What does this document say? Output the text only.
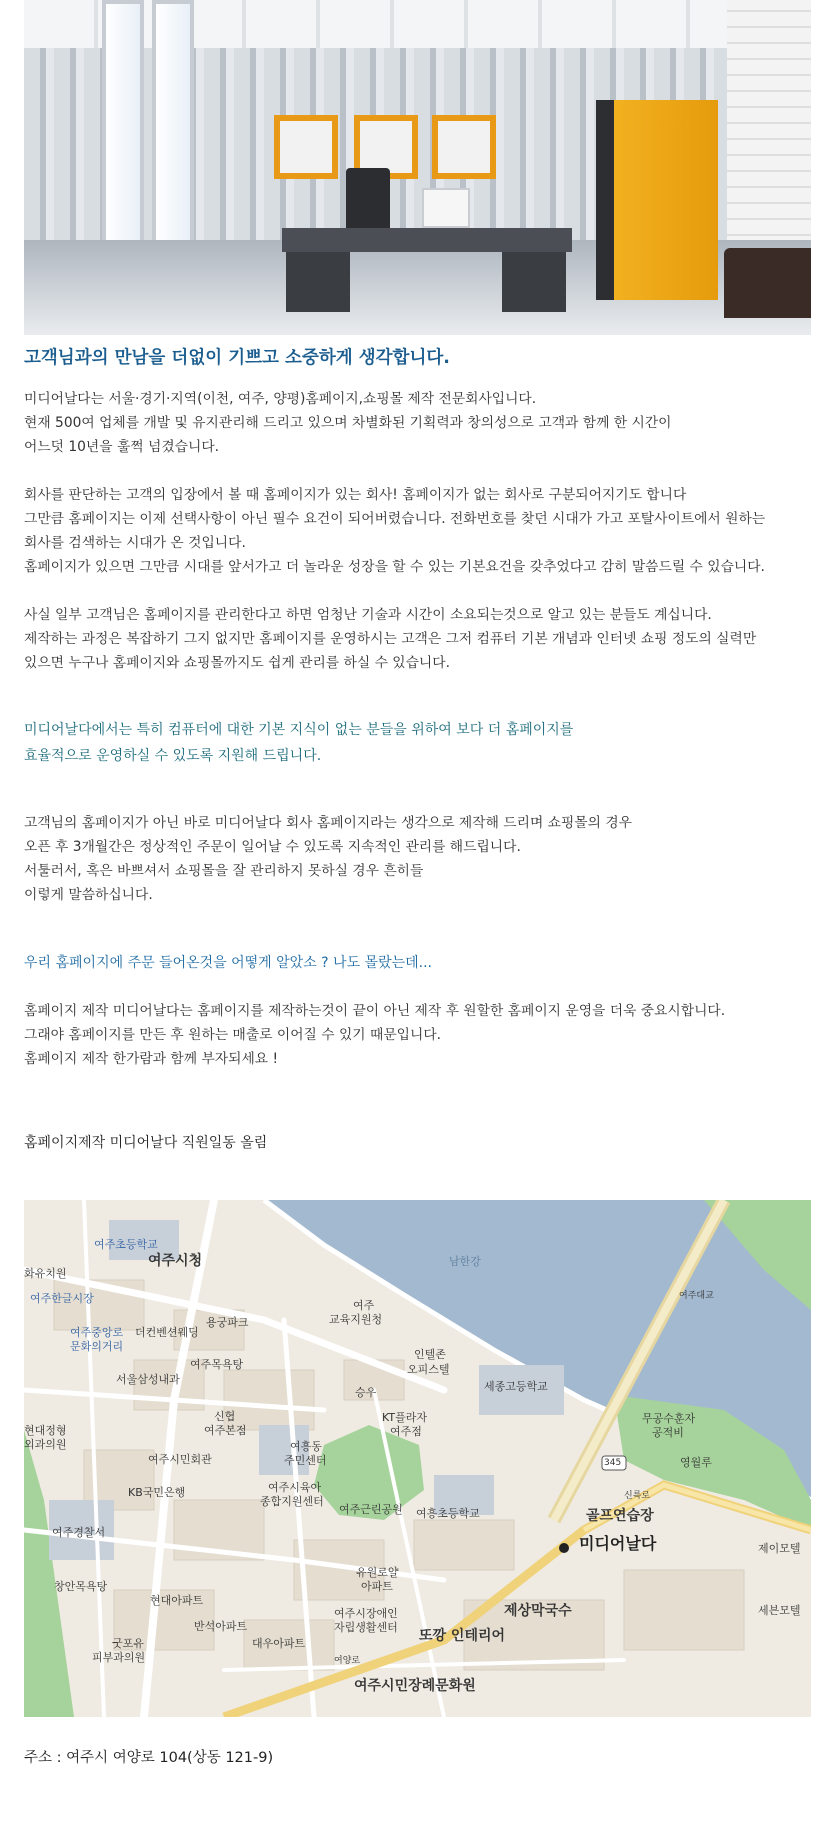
고객님과의 만남을 더없이 기쁘고 소중하게 생각합니다.

미디어날다는 서울·경기·지역(이천, 여주, 양평)홈페이지,쇼핑몰 제작 전문회사입니다.

현재 500여 업체를 개발 및 유지관리해 드리고 있으며 차별화된 기획력과 창의성으로 고객과 함께 한 시간이

어느덧 10년을 훌쩍 넘겼습니다.

회사를 판단하는 고객의 입장에서 볼 때 홈페이지가 있는 회사! 홈페이지가 없는 회사로 구분되어지기도 합니다

그만큼 홈페이지는 이제 선택사항이 아닌 필수 요건이 되어버렸습니다. 전화번호를 찾던 시대가 가고 포탈사이트에서 원하는

회사를 검색하는 시대가 온 것입니다.

홈페이지가 있으면 그만큼 시대를 앞서가고 더 놀라운 성장을 할 수 있는 기본요건을 갖추었다고 감히 말씀드릴 수 있습니다.

사실 일부 고객님은 홈페이지를 관리한다고 하면 엄청난 기술과 시간이 소요되는것으로 알고 있는 분들도 계십니다.

제작하는 과정은 복잡하기 그지 없지만 홈페이지를 운영하시는 고객은 그저 컴퓨터 기본 개념과 인터넷 쇼핑 정도의 실력만

있으면 누구나 홈페이지와 쇼핑몰까지도 쉽게 관리를 하실 수 있습니다.

미디어날다에서는 특히 컴퓨터에 대한 기본 지식이 없는 분들을 위하여 보다 더 홈페이지를

효율적으로 운영하실 수 있도록 지원해 드립니다.

고객님의 홈페이지가 아닌 바로 미디어날다 회사 홈페이지라는 생각으로 제작해 드리며 쇼핑몰의 경우

오픈 후 3개월간은 정상적인 주문이 일어날 수 있도록 지속적인 관리를 해드립니다.

서툴러서, 혹은 바쁘셔서 쇼핑몰을 잘 관리하지 못하실 경우 흔히들

이렇게 말씀하십니다.

우리 홈페이지에 주문 들어온것을 어떻게 알았소 ? 나도 몰랐는데...

홈페이지 제작 미디어날다는 홈페이지를 제작하는것이 끝이 아닌 제작 후 원할한 홈페이지 운영을 더욱 중요시합니다.

그래야 홈페이지를 만든 후 원하는 매출로 이어질 수 있기 때문입니다.

홈페이지 제작 한가람과 함께 부자되세요 !

홈페이지제작 미디어날다 직원일동 올림
여주초등학교
여주시청
화유치원
여주한글시장
더컨벤션웨딩
용궁파크
여주중앙로
문화의거리
여주목욕탕
서울삼성내과
여주
교육지원청
인텔존
오피스텔
승우	세종고등학교
KT플라자
여주점
신협
여주본점
현대정형
외과의원	여흥동
주민센터
여주시민회관
KB국민은행	여주시육아
종합지원센터
여주근린공원 여흥초등학교
여주경찰서
창안목욕탕
유원로얄
아파트
현대아파트
반석아파트
여주시장애인
자립생활센터
대우아파트
굿포유
피부과의원
여주시민장례문화원
또깡 인테리어
제상막국수
골프연습장
미디어날다	제이모텔
세븐모텔
무공수훈자
공적비
영월루
남한강
여주대교
345
여양로
신륵로
주소 : 여주시 여양로 104(상동 121-9)
